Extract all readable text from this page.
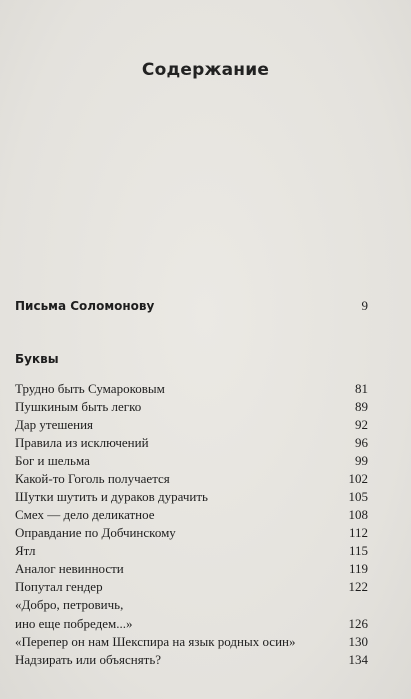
Содержание
Письма Соломонову	9
Буквы
Трудно быть Сумароковым	81
Пушкиным быть легко	89
Дар утешения	92
Правила из исключений	96
Бог и шельма	99
Какой-то Гоголь получается	102
Шутки шутить и дураков дурачить	105
Смех — дело деликатное	108
Оправдание по Добчинскому	112
Ятл	115
Аналог невинности	119
Попутал гендер	122
«Добро, петровичь,
ино еще побредем...»	126
«Перепер он нам Шекспира на язык родных осин»	130
Надзирать или объяснять?	134
